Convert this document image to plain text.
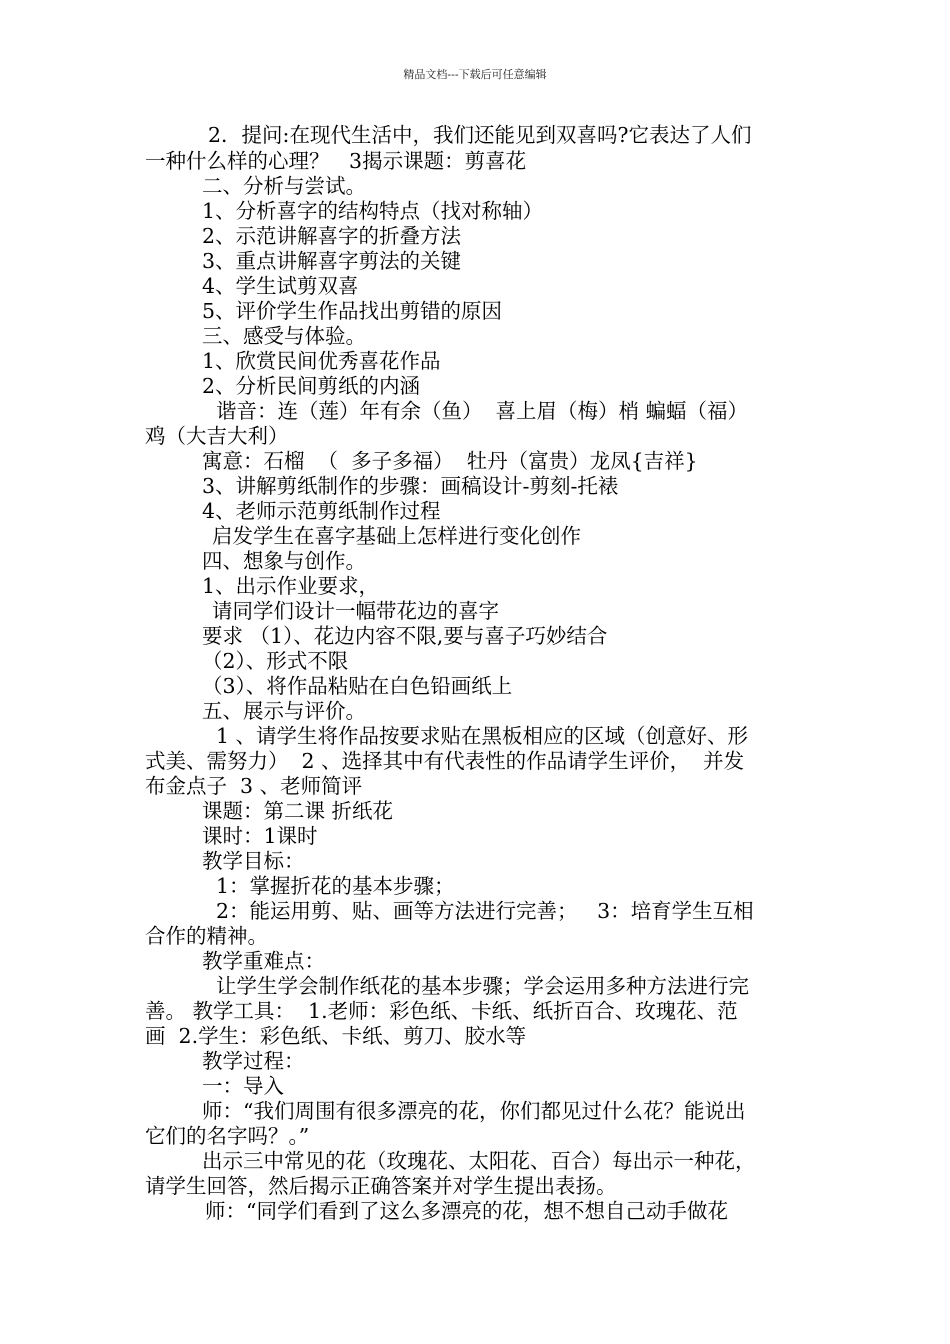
精品文档---下载后可任意编辑
2．提问:在现代生活中，我们还能见到双喜吗?它表达了人们
一种什么样的心理？   3揭示课题：剪喜花
二、分析与尝试。
1、分析喜字的结构特点（找对称轴）
2、示范讲解喜字的折叠方法
3、重点讲解喜字剪法的关键
4、学生试剪双喜
5、评价学生作品找出剪错的原因
三、感受与体验。
1、欣赏民间优秀喜花作品
2、分析民间剪纸的内涵
谐音：连（莲）年有余（鱼）  喜上眉（梅）梢 蝙蝠（福）
鸡（大吉大利）
寓意：石榴  （  多子多福）  牡丹（富贵）龙凤{吉祥}
3、讲解剪纸制作的步骤：画稿设计-剪刻-托裱
4、老师示范剪纸制作过程
启发学生在喜字基础上怎样进行变化创作
四、想象与创作。
1、出示作业要求，
请同学们设计一幅带花边的喜字
要求 （1）、花边内容不限,要与喜子巧妙结合
（2）、形式不限
（3）、将作品粘贴在白色铅画纸上
五、展示与评价。
1 、请学生将作品按要求贴在黑板相应的区域（创意好、形
式美、需努力）  2 、选择其中有代表性的作品请学生评价，  并发
布金点子  3 、老师简评
课题：第二课 折纸花
课时：1课时
教学目标：
1：掌握折花的基本步骤；
2：能运用剪、贴、画等方法进行完善；   3：培育学生互相
合作的精神。
教学重难点：
让学生学会制作纸花的基本步骤；学会运用多种方法进行完
善。 教学工具：  1.老师：彩色纸、卡纸、纸折百合、玫瑰花、范
画  2.学生：彩色纸、卡纸、剪刀、胶水等
教学过程：
一：导入
师：“我们周围有很多漂亮的花，你们都见过什么花？能说出
它们的名字吗？。”
出示三中常见的花（玫瑰花、太阳花、百合）每出示一种花，
请学生回答，然后揭示正确答案并对学生提出表扬。
师：“同学们看到了这么多漂亮的花，想不想自己动手做花
